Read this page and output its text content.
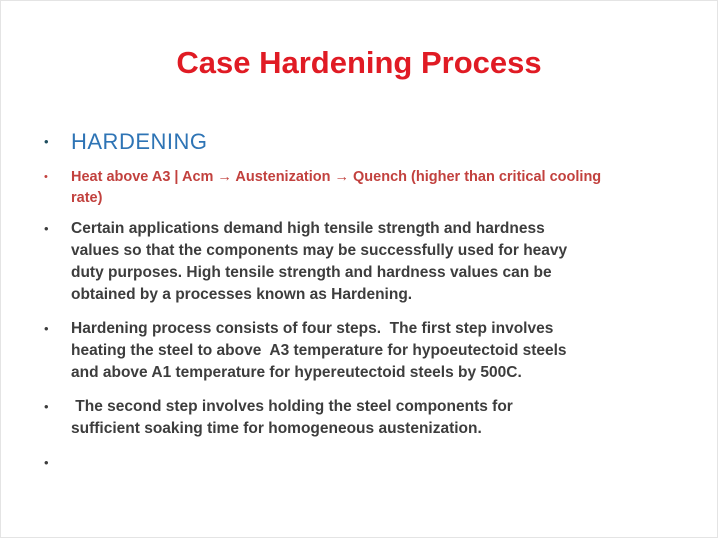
Case Hardening Process
•	HARDENING
•	Heat above A3 | Acm → Austenization → Quench (higher than critical cooling
rate)
•	Certain applications demand high tensile strength and hardness
values so that the components may be successfully used for heavy
duty purposes. High tensile strength and hardness values can be
obtained by a processes known as Hardening.
•	Hardening process consists of four steps.  The first step involves
heating the steel to above  A3 temperature for hypoeutectoid steels
and above A1 temperature for hypereutectoid steels by 500C.
•	The second step involves holding the steel components for
sufficient soaking time for homogeneous austenization.
•
